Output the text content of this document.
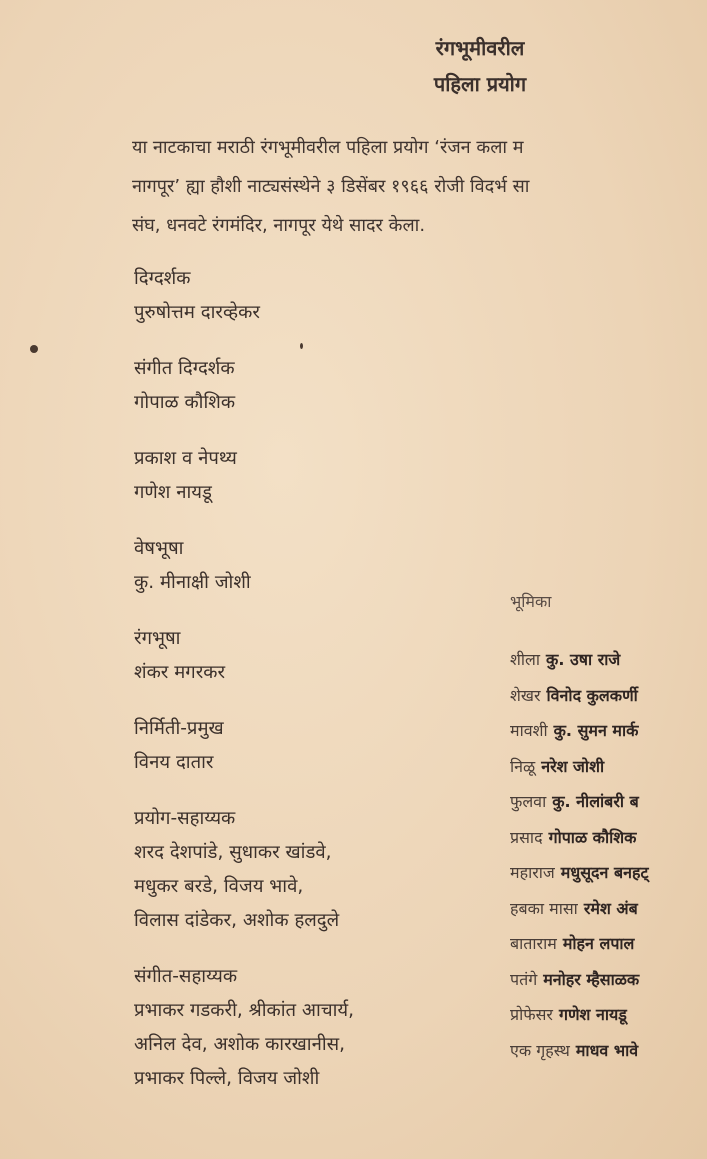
रंगभूमीवरील
पहिला प्रयोग
या नाटकाचा मराठी रंगभूमीवरील पहिला प्रयोग ‘रंजन कला म
नागपूर’ ह्या हौशी नाट्यसंस्थेने ३ डिसेंबर १९६६ रोजी विदर्भ सा
संघ, धनवटे रंगमंदिर, नागपूर येथे सादर केला.
दिग्दर्शक
पुरुषोत्तम दारव्हेकर
संगीत दिग्दर्शक
गोपाळ कौशिक
प्रकाश व नेपथ्य
गणेश नायडू
वेषभूषा
कु. मीनाक्षी जोशी
रंगभूषा
शंकर मगरकर
निर्मिती-प्रमुख
विनय दातार
प्रयोग-सहाय्यक
शरद देशपांडे, सुधाकर खांडवे,
मधुकर बरडे, विजय भावे,
विलास दांडेकर, अशोक हलदुले
संगीत-सहाय्यक
प्रभाकर गडकरी, श्रीकांत आचार्य,
अनिल देव, अशोक कारखानीस,
प्रभाकर पिल्ले, विजय जोशी
भूमिका
शीला कु. उषा राजे
शेखर विनोद कुलकर्णी
मावशी कु. सुमन मार्क
निळू नरेश जोशी
फुलवा कु. नीलांबरी ब
प्रसाद गोपाळ कौशिक
महाराज मधुसूदन बनहट्
हबका मासा रमेश अंब
बाताराम मोहन लपाल
पतंगे मनोहर म्हैसाळक
प्रोफेसर गणेश नायडू
एक गृहस्थ माधव भावे
